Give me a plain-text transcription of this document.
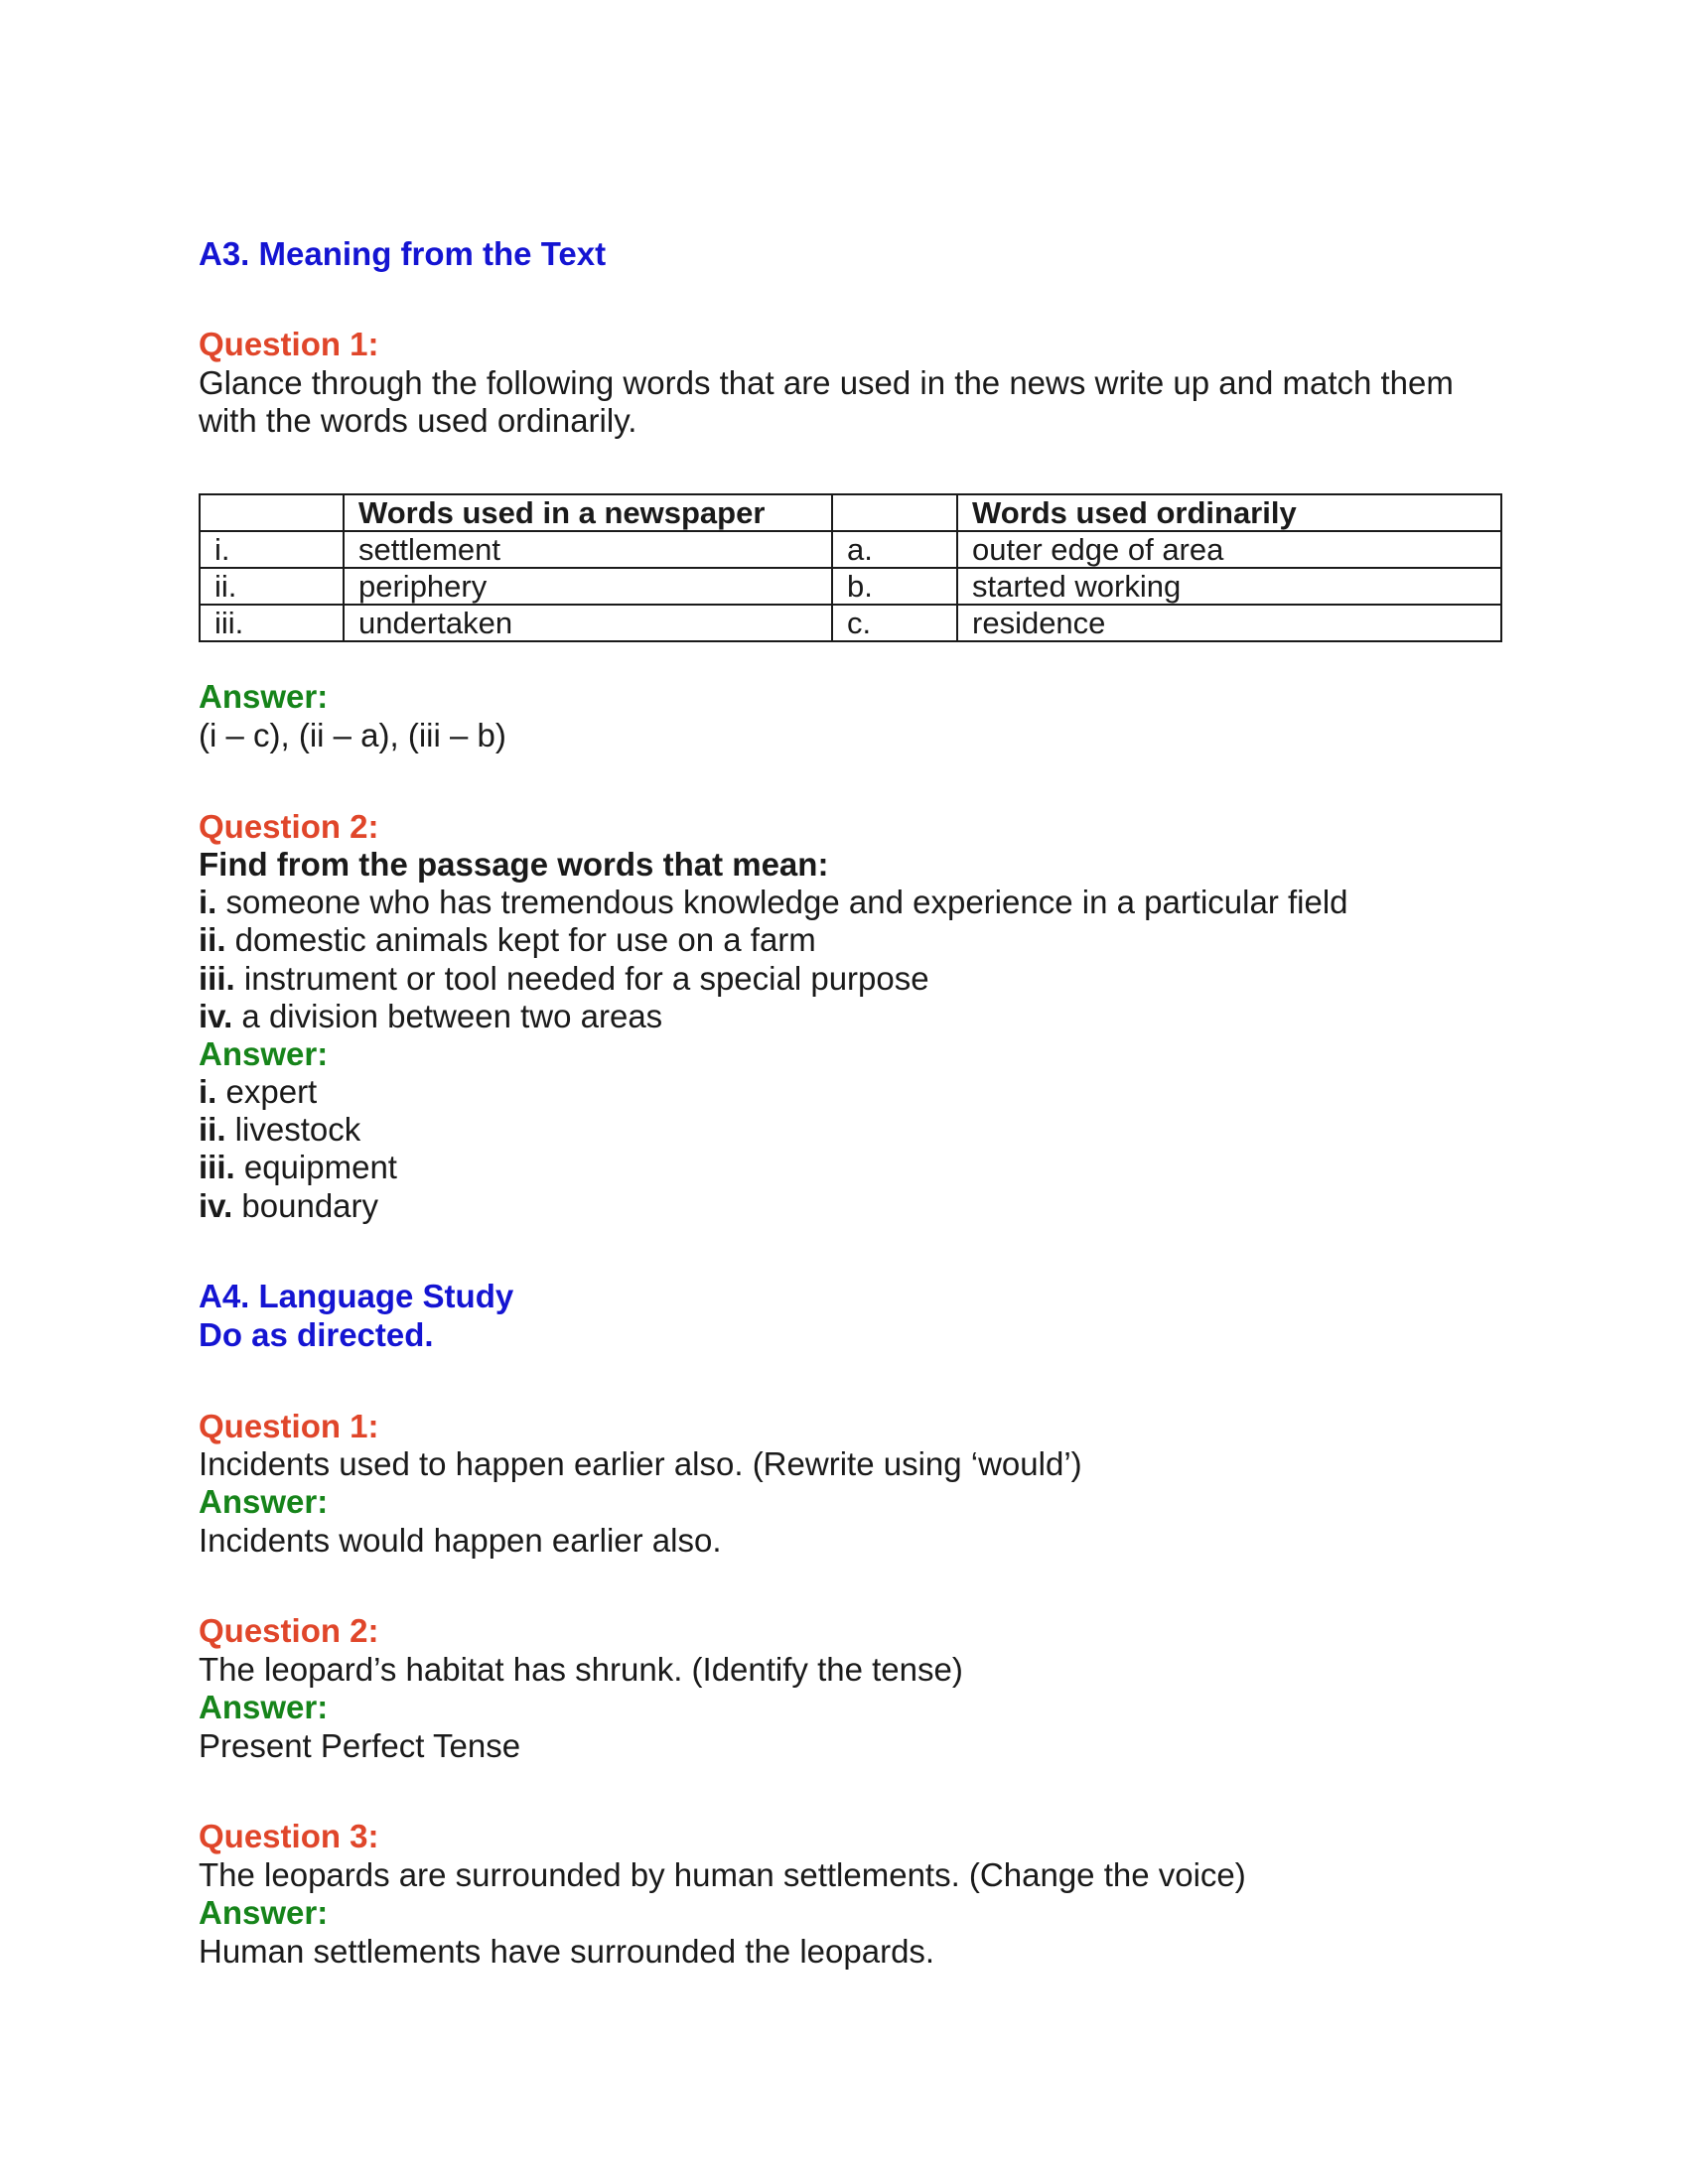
A3. Meaning from the Text
Question 1:
Glance through the following words that are used in the news write up and match them
with the words used ordinarily.
	Words used in a newspaper		Words used ordinarily
i.	settlement	a.	outer edge of area
ii.	periphery	b.	started working
iii.	undertaken	c.	residence
Answer:
(i – c), (ii – a), (iii – b)
Question 2:
Find from the passage words that mean:
i. someone who has tremendous knowledge and experience in a particular field
ii. domestic animals kept for use on a farm
iii. instrument or tool needed for a special purpose
iv. a division between two areas
Answer:
i. expert
ii. livestock
iii. equipment
iv. boundary
A4. Language Study
Do as directed.
Question 1:
Incidents used to happen earlier also. (Rewrite using ‘would’)
Answer:
Incidents would happen earlier also.
Question 2:
The leopard’s habitat has shrunk. (Identify the tense)
Answer:
Present Perfect Tense
Question 3:
The leopards are surrounded by human settlements. (Change the voice)
Answer:
Human settlements have surrounded the leopards.
